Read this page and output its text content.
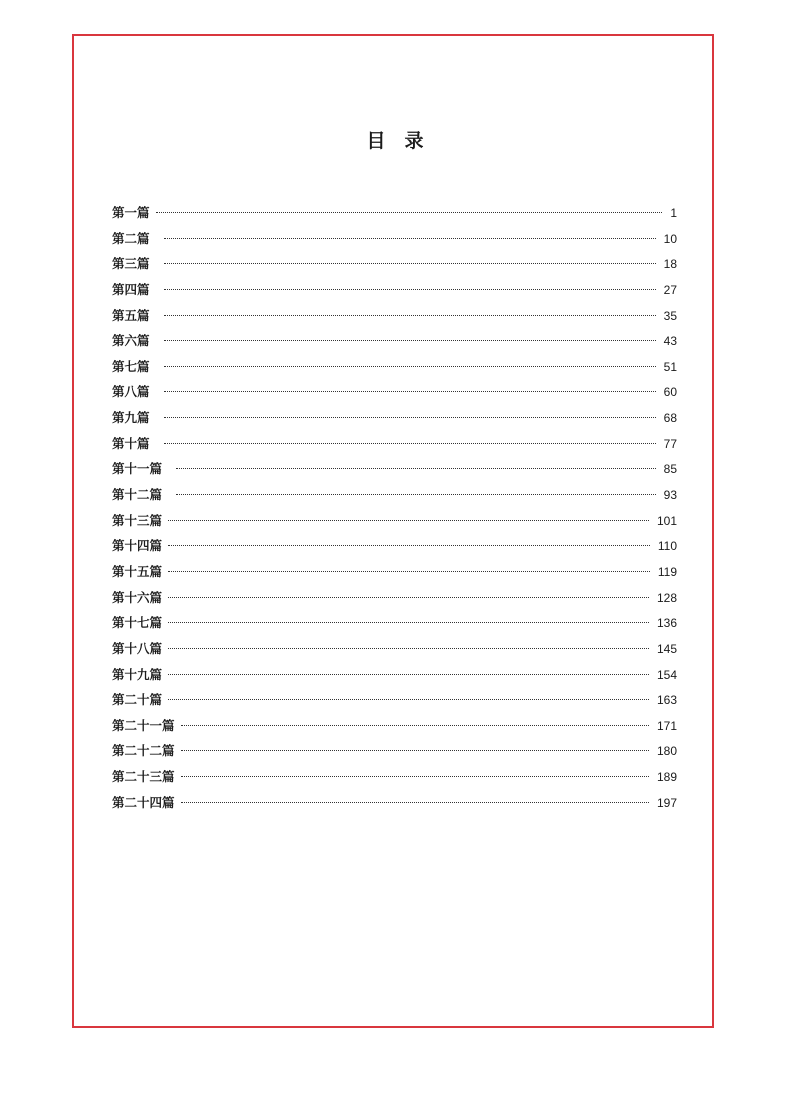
目　录
第一篇	1
第二篇	10
第三篇	18
第四篇	27
第五篇	35
第六篇	43
第七篇	51
第八篇	60
第九篇	68
第十篇	77
第十一篇	85
第十二篇	93
第十三篇	101
第十四篇	110
第十五篇	119
第十六篇	128
第十七篇	136
第十八篇	145
第十九篇	154
第二十篇	163
第二十一篇	171
第二十二篇	180
第二十三篇	189
第二十四篇	197
